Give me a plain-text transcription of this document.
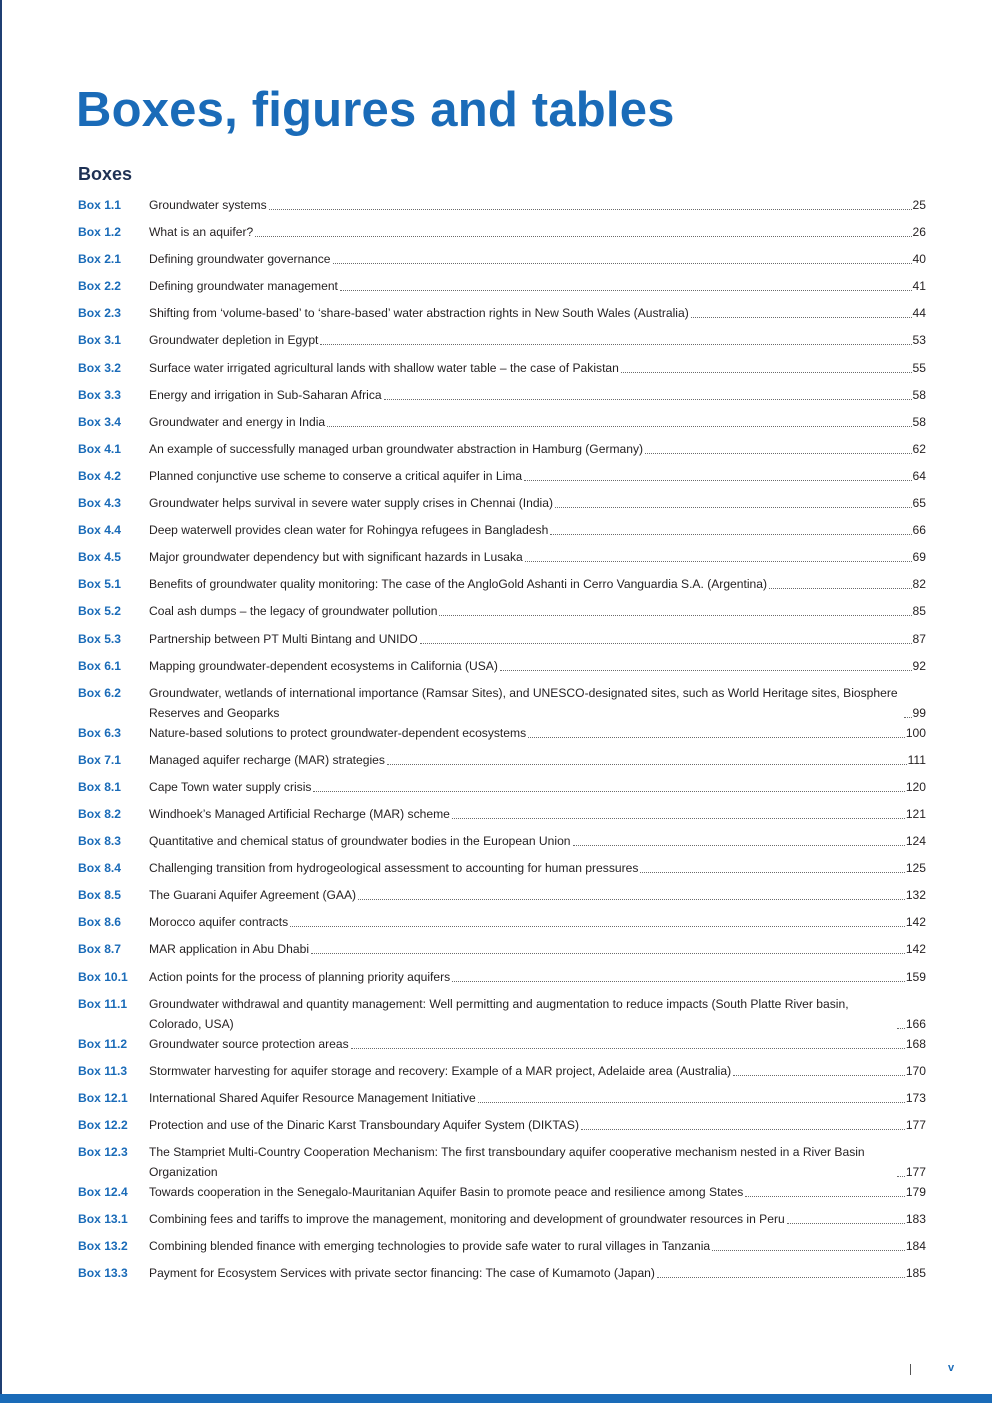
Boxes, figures and tables
Boxes
Box 1.1	Groundwater systems	25
Box 1.2	What is an aquifer?	26
Box 2.1	Defining groundwater governance	40
Box 2.2	Defining groundwater management	41
Box 2.3	Shifting from ‘volume-based’ to ‘share-based’ water abstraction rights in New South Wales (Australia)	44
Box 3.1	Groundwater depletion in Egypt	53
Box 3.2	Surface water irrigated agricultural lands with shallow water table – the case of Pakistan	55
Box 3.3	Energy and irrigation in Sub-Saharan Africa	58
Box 3.4	Groundwater and energy in India	58
Box 4.1	An example of successfully managed urban groundwater abstraction in Hamburg (Germany)	62
Box 4.2	Planned conjunctive use scheme to conserve a critical aquifer in Lima	64
Box 4.3	Groundwater helps survival in severe water supply crises in Chennai (India)	65
Box 4.4	Deep waterwell provides clean water for Rohingya refugees in Bangladesh	66
Box 4.5	Major groundwater dependency but with significant hazards in Lusaka	69
Box 5.1	Benefits of groundwater quality monitoring: The case of the AngloGold Ashanti in Cerro Vanguardia S.A. (Argentina)	82
Box 5.2	Coal ash dumps – the legacy of groundwater pollution	85
Box 5.3	Partnership between PT Multi Bintang and UNIDO	87
Box 6.1	Mapping groundwater-dependent ecosystems in California (USA)	92
Box 6.2	Groundwater, wetlands of international importance (Ramsar Sites), and UNESCO-designated sites, such as World Heritage sites, Biosphere Reserves and Geoparks	99
Box 6.3	Nature-based solutions to protect groundwater-dependent ecosystems	100
Box 7.1	Managed aquifer recharge (MAR) strategies	111
Box 8.1	Cape Town water supply crisis	120
Box 8.2	Windhoek’s Managed Artificial Recharge (MAR) scheme	121
Box 8.3	Quantitative and chemical status of groundwater bodies in the European Union	124
Box 8.4	Challenging transition from hydrogeological assessment to accounting for human pressures	125
Box 8.5	The Guarani Aquifer Agreement (GAA)	132
Box 8.6	Morocco aquifer contracts	142
Box 8.7	MAR application in Abu Dhabi	142
Box 10.1	Action points for the process of planning priority aquifers	159
Box 11.1	Groundwater withdrawal and quantity management: Well permitting and augmentation to reduce impacts (South Platte River basin, Colorado, USA)	166
Box 11.2	Groundwater source protection areas	168
Box 11.3	Stormwater harvesting for aquifer storage and recovery: Example of a MAR project, Adelaide area (Australia)	170
Box 12.1	International Shared Aquifer Resource Management Initiative	173
Box 12.2	Protection and use of the Dinaric Karst Transboundary Aquifer System (DIKTAS)	177
Box 12.3	The Stampriet Multi-Country Cooperation Mechanism: The first transboundary aquifer cooperative mechanism nested in a River Basin Organization	177
Box 12.4	Towards cooperation in the Senegalo-Mauritanian Aquifer Basin to promote peace and resilience among States	179
Box 13.1	Combining fees and tariffs to improve the management, monitoring and development of groundwater resources in Peru	183
Box 13.2	Combining blended finance with emerging technologies to provide safe water to rural villages in Tanzania	184
Box 13.3	Payment for Ecosystem Services with private sector financing: The case of Kumamoto (Japan)	185
v
